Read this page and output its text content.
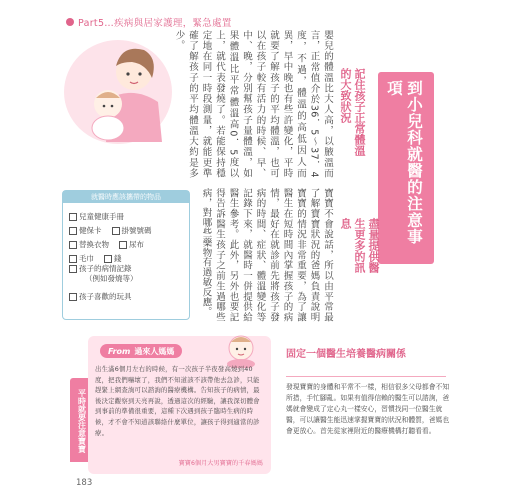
Part5…疾病與居家護理，緊急處置
到小兒科就醫的注意事項
記住孩子正常體溫的大致狀況
嬰兒的體溫比大人高，以腋溫而言，正常值介於36．5～37．4度，不過，體溫的高低因人而異，早中晚也有些許變化，平時就要了解孩子的平均體溫，也可以在孩子較有活力的時候、早、中、晚，分別幫孩子量體溫，如果體溫比平常體溫高0．5度以上，就代表發燒了。若能保持穩定地在同一時段測量，就能更準確了解孩子的平均體溫大約是多少。
盡量提供醫生更多的訊息
寶寶不會說話，所以由平常最了解寶寶狀況的爸媽負責說明寶寶的情況非常重要，為了讓醫生在短時間內掌握孩子的病情，最好在就診前先將孩子發病的時間、症狀、體溫變化等記錄下來，就醫時一併提供給醫生參考。此外，另外也要記得告訴醫生孩子之前生過哪些病，對哪些藥物有過敏反應。
就醫時應該攜帶的物品
兒童健康手冊
健保卡	掛號號碼
替換衣物	尿布
毛巾	錢
孩子的病情記錄
（例如發燒等）
孩子喜歡的玩具
平時就要注意寶寶
From 過來人媽媽
出生滿6個月左右的時候，有一次孩子半夜發高燒到40度，把我們嚇壞了，我們不知道該不該帶他去急診，只能趕緊上網查詢可以諮詢的醫療機構。告知孩子的病情，最後決定觀察到天亮再說，透過這次的經驗，讓我深切體會到事前的準備很重要，這種下次遇到孩子臨時生病的時候，才不會不知道該聯絡什麼單位，讓孩子得到適當的診療。
寶寶6個月大男寶寶的千春媽媽
固定一個醫生培養醫病關係
發現寶寶的身體和平常不一樣，相信很多父母都會不知所措，手忙腳亂。如果有值得信賴的醫生可以諮詢，爸媽就會變成了定心丸一樣安心，習慣找同一位醫生就醫，可以讓醫生能迅速掌握寶寶的狀況和體質，爸媽也會更放心。首先從家裡附近的醫療機構打聽看看。
183
